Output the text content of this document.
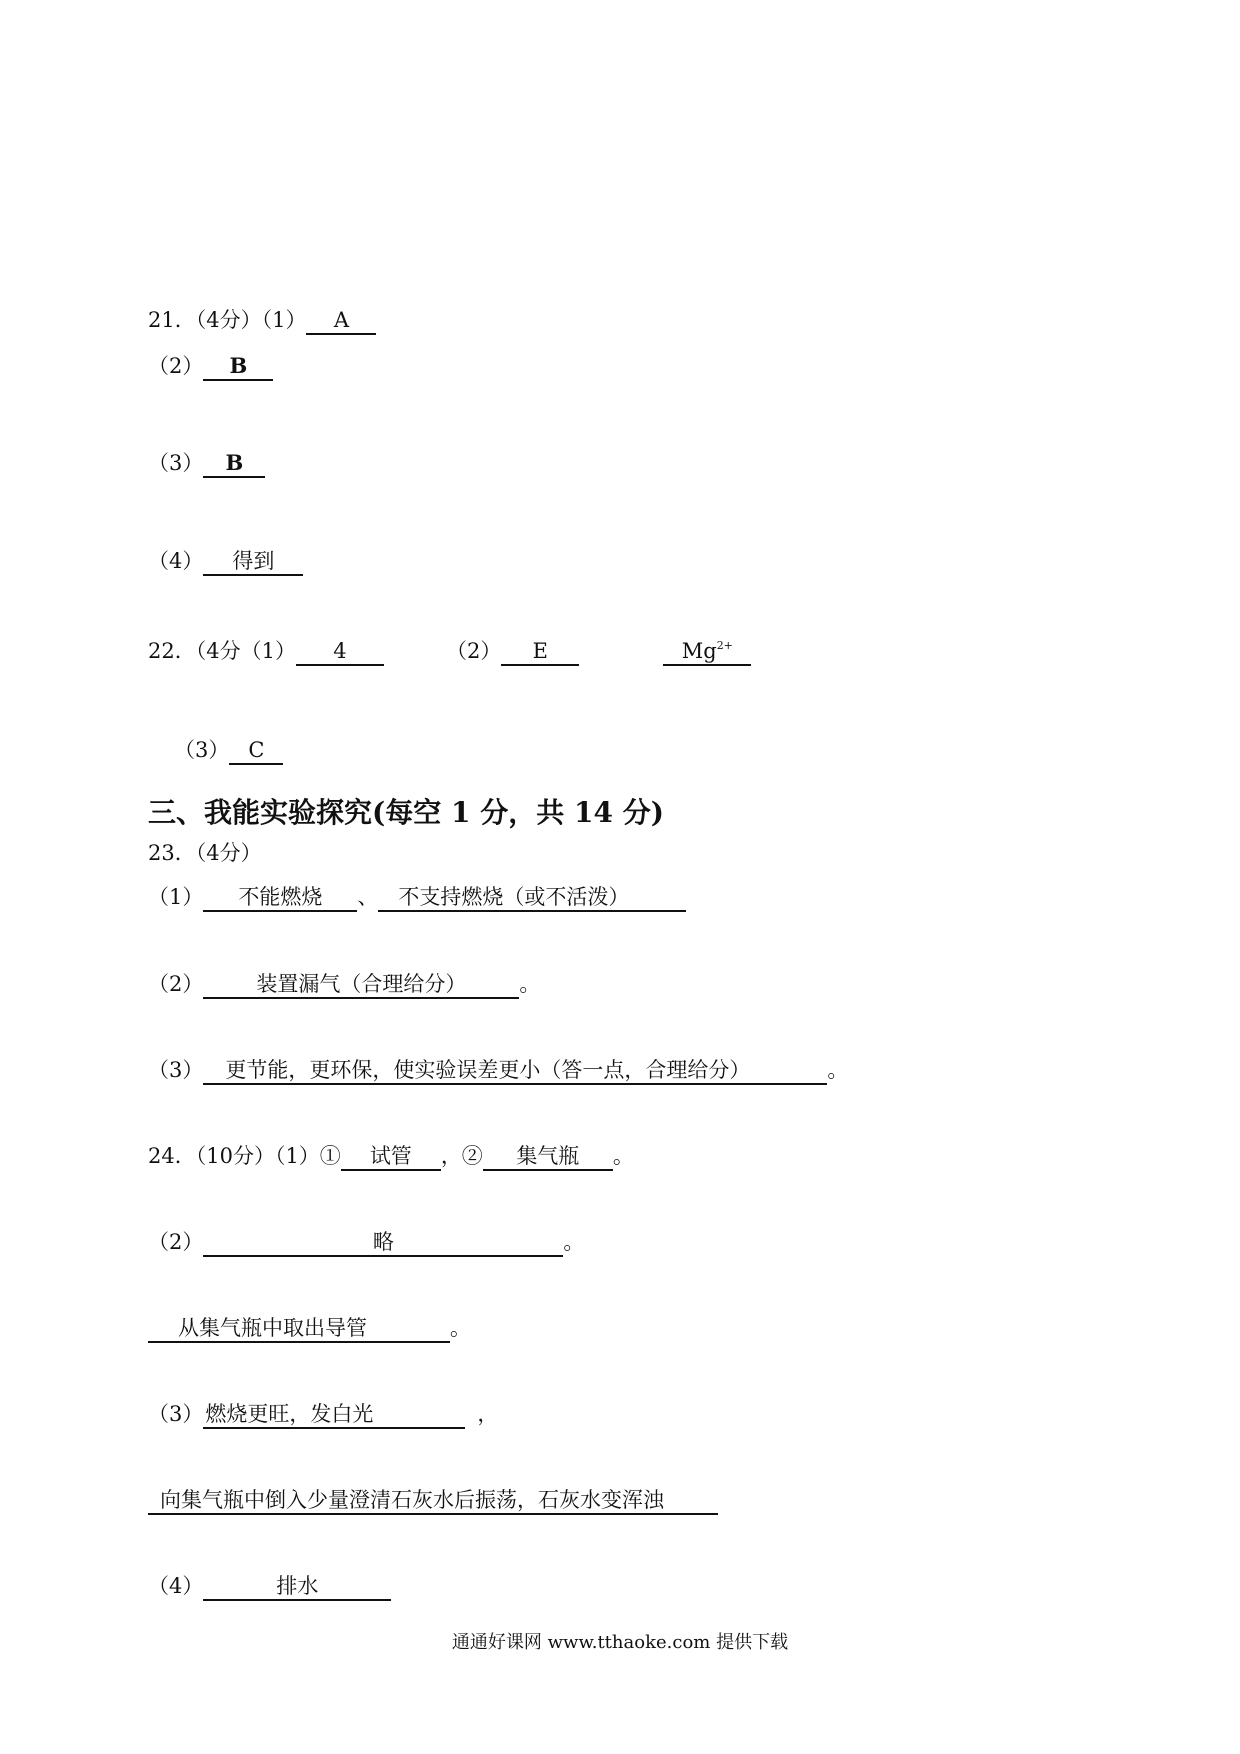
21．（4分）（1） A
（2） B
（3） B
（4） 得到
22．（4分（1） 4	（2） E	$Mg^{2+}$
（3） C
三、我能实验探究(每空 1 分，共 14 分)
23．（4分）
（1） 不能燃烧 、 不支持燃烧（或不活泼）
（2）	装置漏气（合理给分）	。
（3） 更节能，更环保，使实验误差更小（答一点，合理给分）	。
24．（10分）（1）① 试管 ，② 集气瓶 。
（2）	略	。
从集气瓶中取出导管	。
（3）燃烧更旺，发白光	，
向集气瓶中倒入少量澄清石灰水后振荡，石灰水变浑浊
（4）	排水
通通好课网 www.tthaoke.com 提供下载
